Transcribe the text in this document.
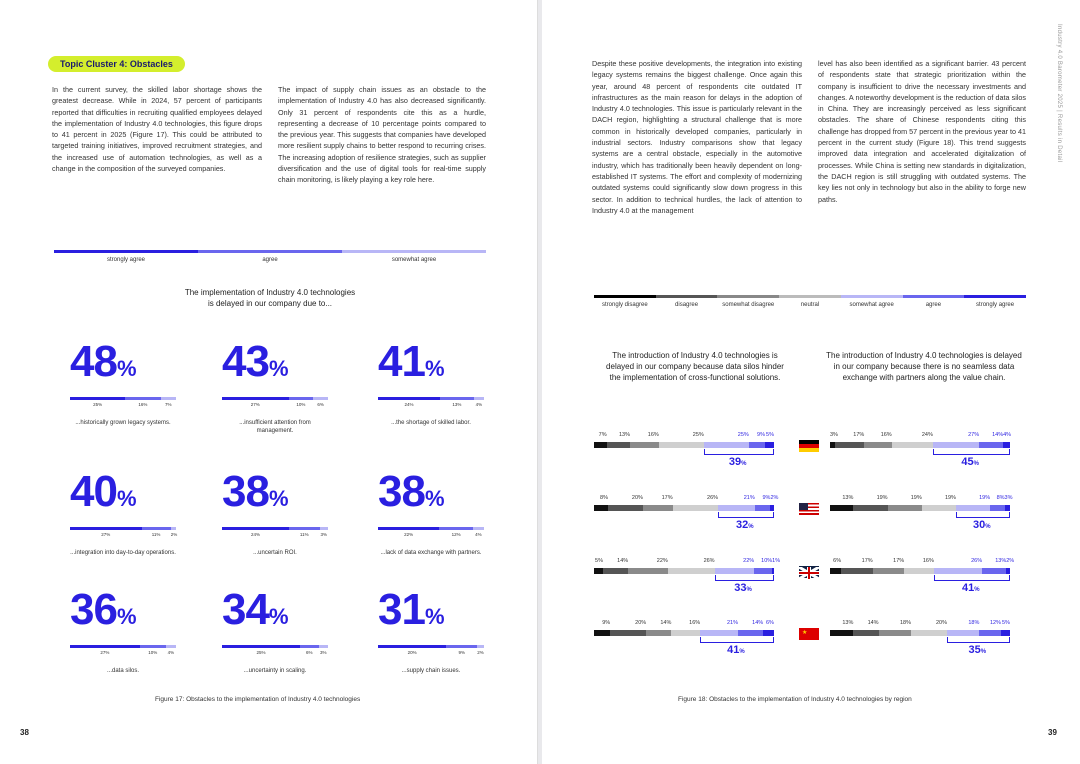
Topic Cluster 4: Obstacles
In the current survey, the skilled labor shortage shows the greatest decrease. While in 2024, 57 percent of participants reported that difficulties in recruiting qualified employees delayed the implementation of Industry 4.0 technologies, this figure drops to 41 percent in 2025 (Figure 17). This could be attributed to targeted training initiatives, improved recruitment strategies, and the increased use of automation technologies, as well as a change in the composition of the surveyed companies.
The impact of supply chain issues as an obstacle to the implementation of Industry 4.0 has also decreased significantly. Only 31 percent of respondents cite this as a hurdle, representing a decrease of 10 percentage points compared to the previous year. This suggests that companies have developed more resilient supply chains to better respond to recurring crises. The increasing adoption of resilience strategies, such as supplier diversification and the use of digital tools for real-time supply chain monitoring, is likely playing a key role here.
strongly agree	agree	somewhat agree
The implementation of Industry 4.0 technologies
is delayed in our company due to...
48%
25%	16%	7%
...historically grown legacy systems.
43%
27%	10%	6%
...insufficient attention from management.
41%
24%	13%	4%
...the shortage of skilled labor.
40%
27%	11%	2%
...integration into day-to-day operations.
38%
24%	11%	3%
...uncertain ROI.
38%
22%	12%	4%
...lack of data exchange with partners.
36%
27%	10%	4%
...data silos.
34%
25%	6%	3%
...uncertainty in scaling.
31%
20%	9%	2%
...supply chain issues.
Figure 17: Obstacles to the implementation of Industry 4.0 technologies
38
Despite these positive developments, the integration into existing legacy systems remains the biggest challenge. Once again this year, around 48 percent of respondents cite outdated IT infrastructures as the main reason for delays in the adoption of Industry 4.0 technologies. This issue is particularly relevant in the DACH region, highlighting a structural challenge that is more common in historically developed companies, particularly in industrial sectors. Industry comparisons show that legacy systems are a central obstacle, especially in the automotive industry, which has traditionally been heavily dependent on long-established IT systems. The effort and complexity of modernizing outdated systems could significantly slow down progress in this sector. In addition to technical hurdles, the lack of attention to Industry 4.0 at the management
level has also been identified as a significant barrier. 43 percent of respondents state that strategic prioritization within the company is insufficient to drive the necessary investments and changes. A noteworthy development is the reduction of data silos in China. They are increasingly perceived as less significant obstacles. The share of Chinese respondents citing this challenge has dropped from 57 percent in the previous year to 41 percent in the current study (Figure 18). This trend suggests improved data integration and accelerated digitalization of processes. While China is setting new standards in digitalization, the DACH region is still struggling with outdated systems. The key lies not only in technology but also in the ability to forge new paths.
Industry 4.0 Barometer 2025 | Results in Detail
strongly disagree	disagree	somewhat disagree	neutral	somewhat agree	agree	strongly agree
The introduction of Industry 4.0 technologies is delayed in our company because data silos hinder the implementation of cross-functional solutions.
The introduction of Industry 4.0 technologies is delayed in our company because there is no seamless data exchange with partners along the value chain.
7%	13%	16%	25%	25%	9% 5%
39%
8%	20%	17%	26%	21%	9% 2%
32%
5%	14%	22%	26%	22%	10% 1%
33%
9%	20%	14%	16%	21%	14% 6%
41%
3%	17%	16%	24%	27%	14% 4%
45%
13%	19%	19%	19%	19%	8% 3%
30%
6%	17%	17%	16%	26%	13% 2%
41%
13%	14%	18%	20%	18%	12% 5%
35%

★
Figure 18: Obstacles to the implementation of Industry 4.0 technologies by region
39
